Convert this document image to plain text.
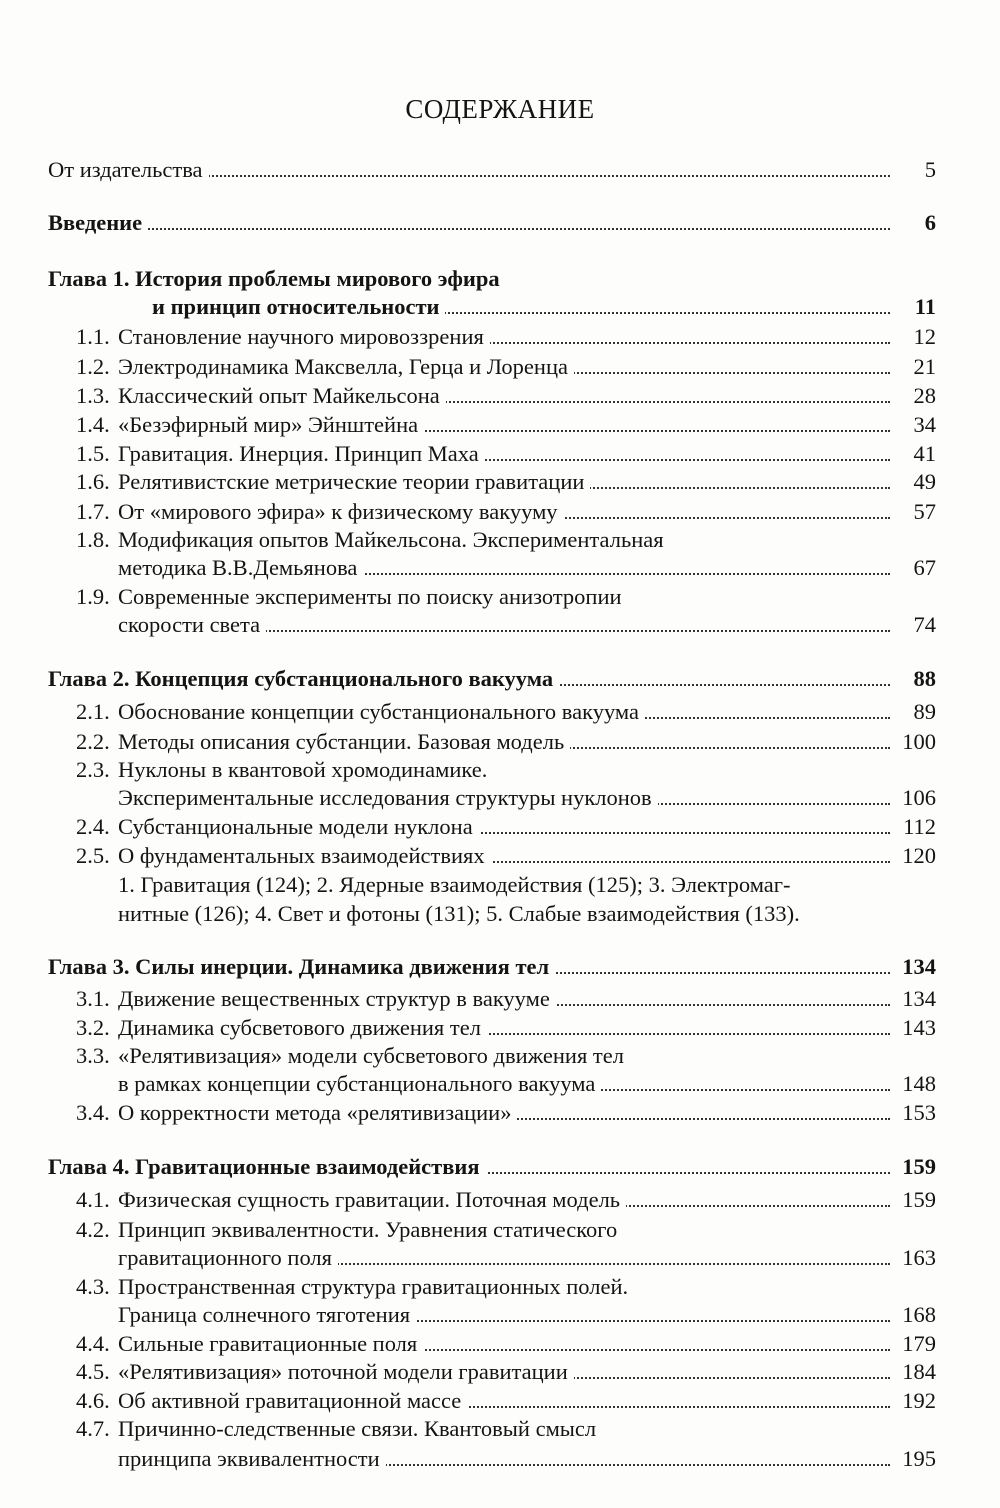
СОДЕРЖАНИЕ
От издательства	5
Введение	6
Глава 1. История проблемы мирового эфира
и принцип относительности	11
1.1. Становление научного мировоззрения	12
1.2. Электродинамика Максвелла, Герца и Лоренца	21
1.3. Классический опыт Майкельсона	28
1.4. «Безэфирный мир» Эйнштейна	34
1.5. Гравитация. Инерция. Принцип Маха	41
1.6. Релятивистские метрические теории гравитации	49
1.7. От «мирового эфира» к физическому вакууму	57
1.8. Модификация опытов Майкельсона. Экспериментальная
методика В.В.Демьянова	67
1.9. Современные эксперименты по поиску анизотропии
скорости света	74
Глава 2. Концепция субстанционального вакуума	88
2.1. Обоснование концепции субстанционального вакуума	89
2.2. Методы описания субстанции. Базовая модель	100
2.3. Нуклоны в квантовой хромодинамике.
Экспериментальные исследования структуры нуклонов	106
2.4. Субстанциональные модели нуклона	112
2.5. О фундаментальных взаимодействиях	120
1. Гравитация (124); 2. Ядерные взаимодействия (125); 3. Электромаг-
нитные (126); 4. Свет и фотоны (131); 5. Слабые взаимодействия (133).
Глава 3. Силы инерции. Динамика движения тел	134
3.1. Движение вещественных структур в вакууме	134
3.2. Динамика субсветового движения тел	143
3.3. «Релятивизация» модели субсветового движения тел
в рамках концепции субстанционального вакуума	148
3.4. О корректности метода «релятивизации»	153
Глава 4. Гравитационные взаимодействия	159
4.1. Физическая сущность гравитации. Поточная модель	159
4.2. Принцип эквивалентности. Уравнения статического
гравитационного поля	163
4.3. Пространственная структура гравитационных полей.
Граница солнечного тяготения	168
4.4. Сильные гравитационные поля	179
4.5. «Релятивизация» поточной модели гравитации	184
4.6. Об активной гравитационной массе	192
4.7. Причинно-следственные связи. Квантовый смысл
принципа эквивалентности	195
